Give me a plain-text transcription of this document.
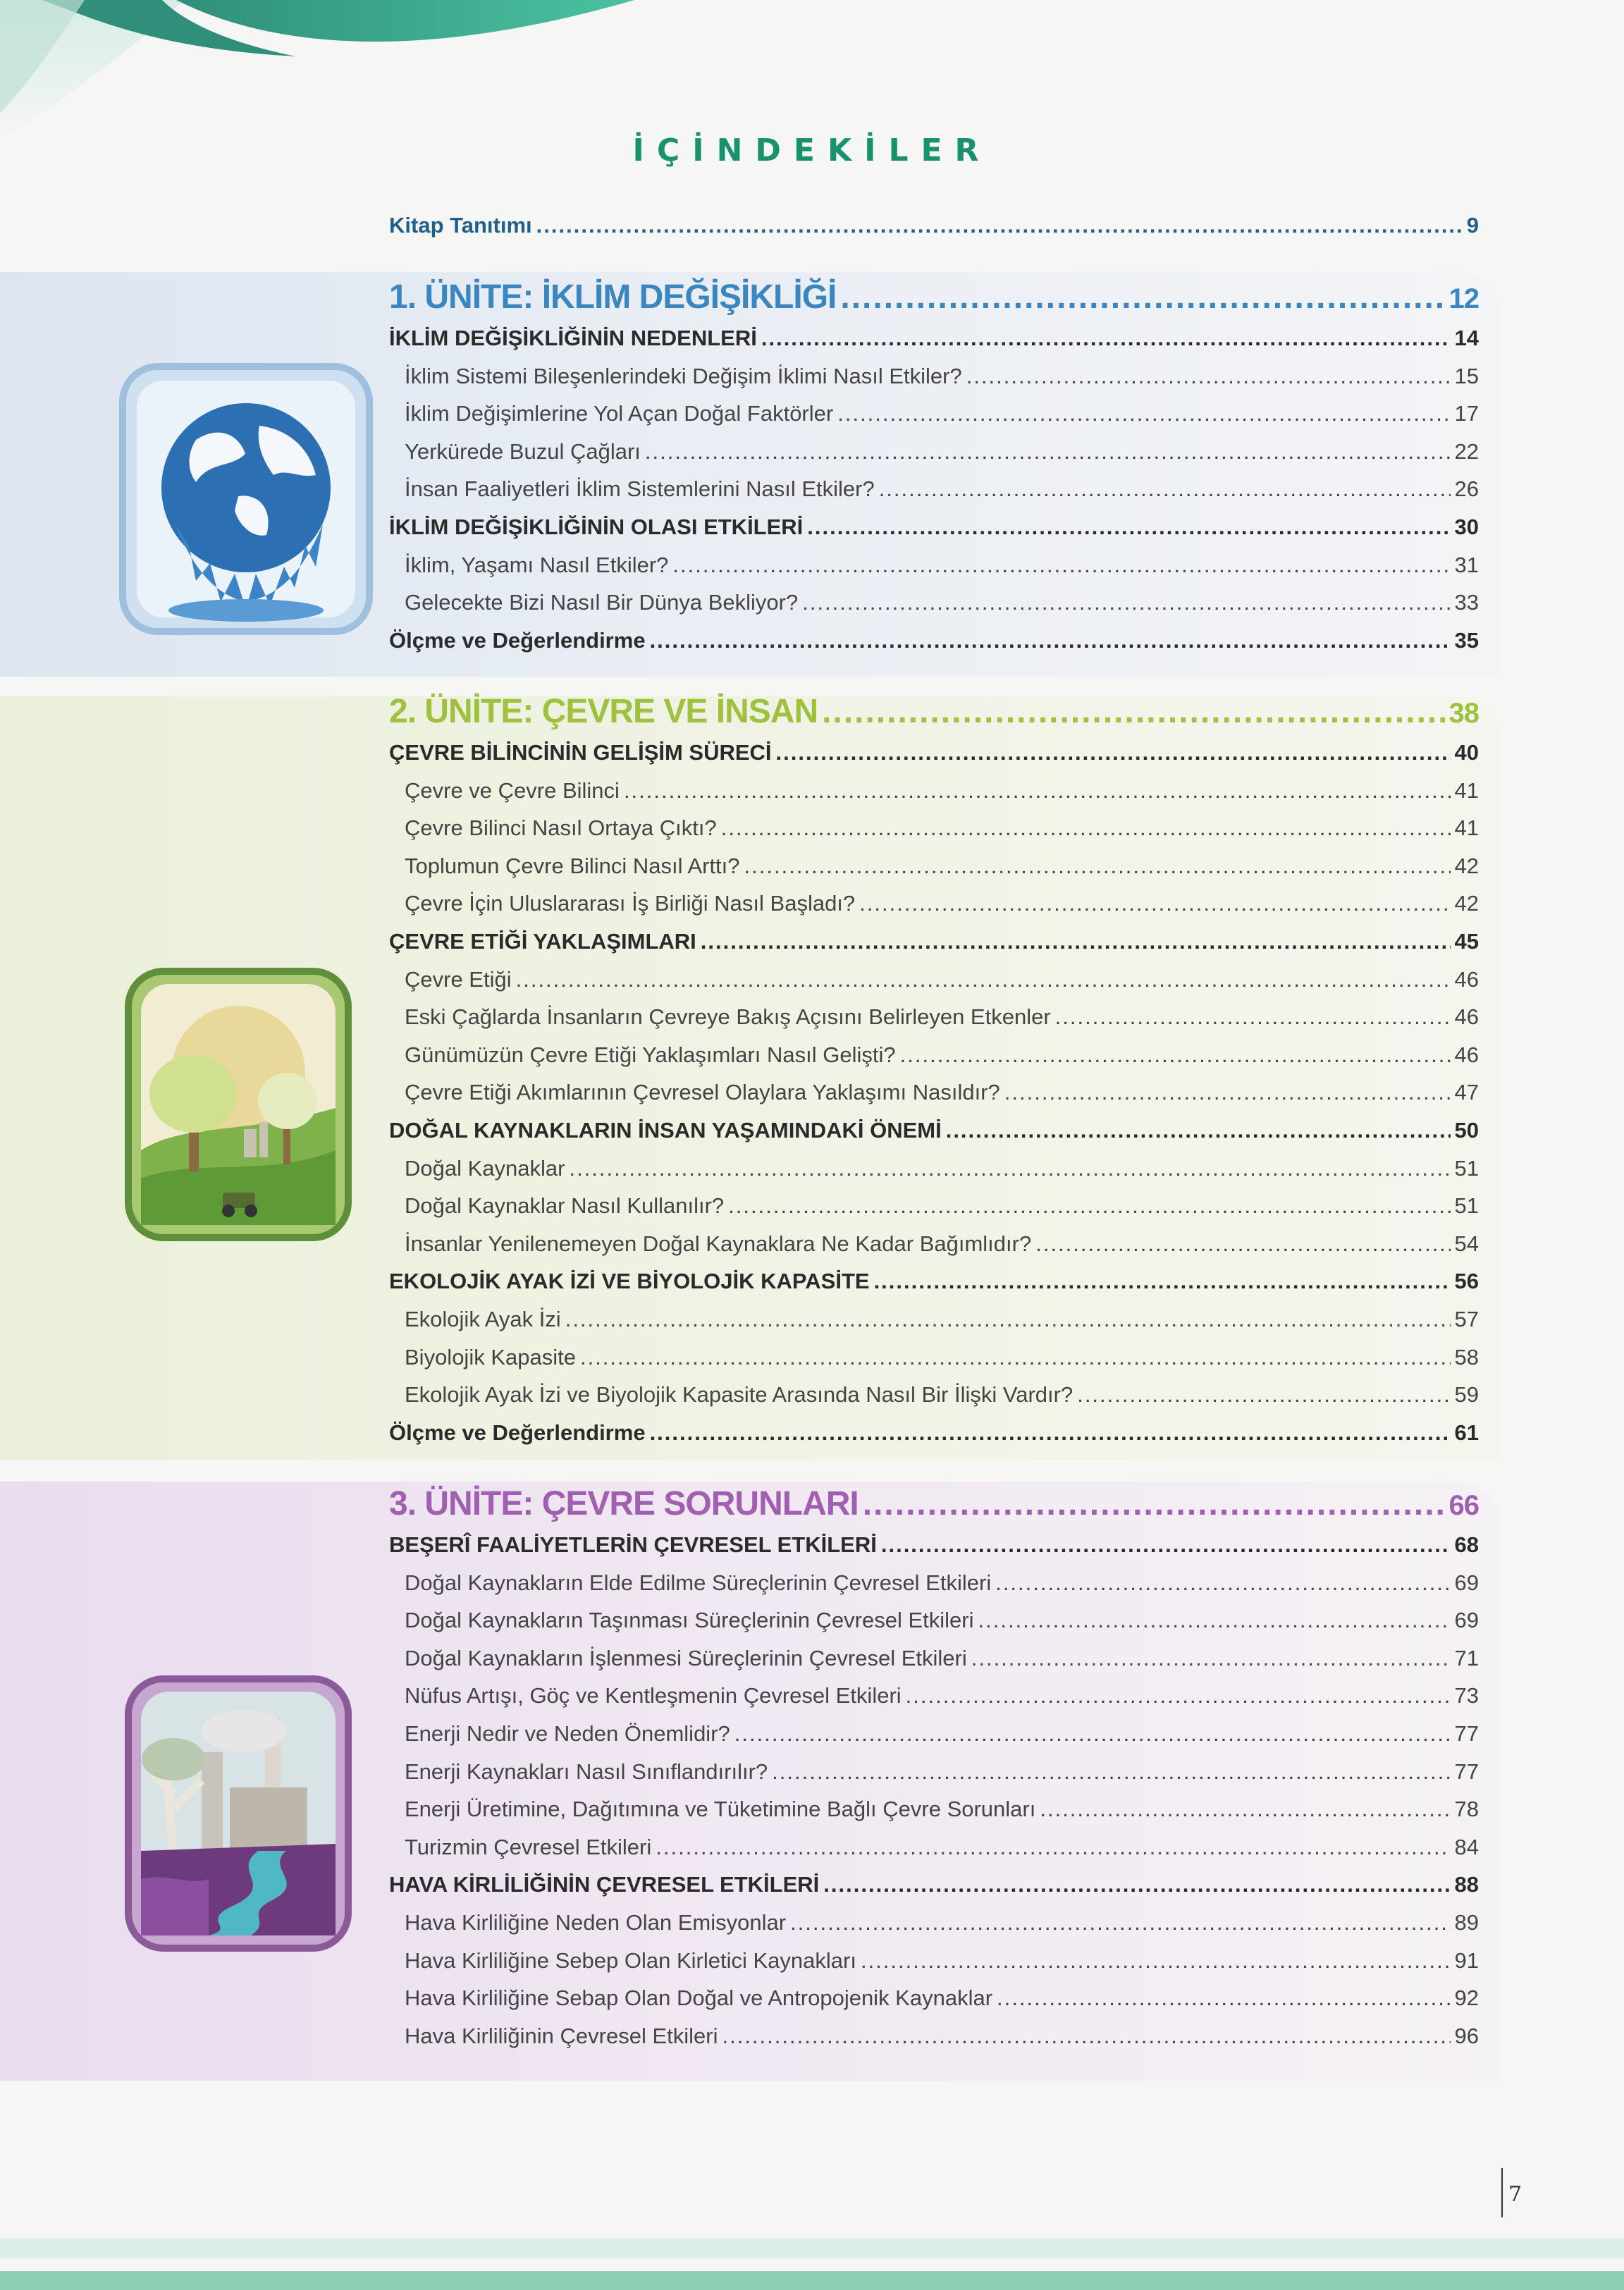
İÇİNDEKİLER
Kitap Tanıtımı .....	9
1. ÜNİTE: İKLİM DEĞİŞİKLİĞİ .....	12
İKLİM DEĞİŞİKLİĞİNİN NEDENLERİ .....	14
İklim Sistemi Bileşenlerindeki Değişim İklimi Nasıl Etkiler? .....	15
İklim Değişimlerine Yol Açan Doğal Faktörler .....	17
Yerkürede Buzul Çağları .....	22
İnsan Faaliyetleri İklim Sistemlerini Nasıl Etkiler? .....	26
İKLİM DEĞİŞİKLİĞİNİN OLASI ETKİLERİ .....	30
İklim, Yaşamı Nasıl Etkiler? .....	31
Gelecekte Bizi Nasıl Bir Dünya Bekliyor? .....	33
Ölçme ve Değerlendirme .....	35
2. ÜNİTE: ÇEVRE VE İNSAN .....	38
ÇEVRE BİLİNCİNİN GELİŞİM SÜRECİ .....	40
Çevre ve Çevre Bilinci .....	41
Çevre Bilinci Nasıl Ortaya Çıktı? .....	41
Toplumun Çevre Bilinci Nasıl Arttı? .....	42
Çevre İçin Uluslararası İş Birliği Nasıl Başladı? .....	42
ÇEVRE ETİĞİ YAKLAŞIMLARI .....	45
Çevre Etiği .....	46
Eski Çağlarda İnsanların Çevreye Bakış Açısını Belirleyen Etkenler .....	46
Günümüzün Çevre Etiği Yaklaşımları Nasıl Gelişti? .....	46
Çevre Etiği Akımlarının Çevresel Olaylara Yaklaşımı Nasıldır? .....	47
DOĞAL KAYNAKLARIN İNSAN YAŞAMINDAKİ ÖNEMİ .....	50
Doğal Kaynaklar .....	51
Doğal Kaynaklar Nasıl Kullanılır? .....	51
İnsanlar Yenilenemeyen Doğal Kaynaklara Ne Kadar Bağımlıdır? .....	54
EKOLOJİK AYAK İZİ VE BİYOLOJİK KAPASİTE .....	56
Ekolojik Ayak İzi .....	57
Biyolojik Kapasite .....	58
Ekolojik Ayak İzi ve Biyolojik Kapasite Arasında Nasıl Bir İlişki Vardır? .....	59
Ölçme ve Değerlendirme .....	61
3. ÜNİTE: ÇEVRE SORUNLARI .....	66
BEŞERÎ FAALİYETLERİN ÇEVRESEL ETKİLERİ .....	68
Doğal Kaynakların Elde Edilme Süreçlerinin Çevresel Etkileri .....	69
Doğal Kaynakların Taşınması Süreçlerinin Çevresel Etkileri .....	69
Doğal Kaynakların İşlenmesi Süreçlerinin Çevresel Etkileri .....	71
Nüfus Artışı, Göç ve Kentleşmenin Çevresel Etkileri .....	73
Enerji Nedir ve Neden Önemlidir? .....	77
Enerji Kaynakları Nasıl Sınıflandırılır? .....	77
Enerji Üretimine, Dağıtımına ve Tüketimine Bağlı Çevre Sorunları .....	78
Turizmin Çevresel Etkileri .....	84
HAVA KİRLİLİĞİNİN ÇEVRESEL ETKİLERİ .....	88
Hava Kirliliğine Neden Olan Emisyonlar .....	89
Hava Kirliliğine Sebep Olan Kirletici Kaynakları .....	91
Hava Kirliliğine Sebap Olan Doğal ve Antropojenik Kaynaklar .....	92
Hava Kirliliğinin Çevresel Etkileri .....	96
7
